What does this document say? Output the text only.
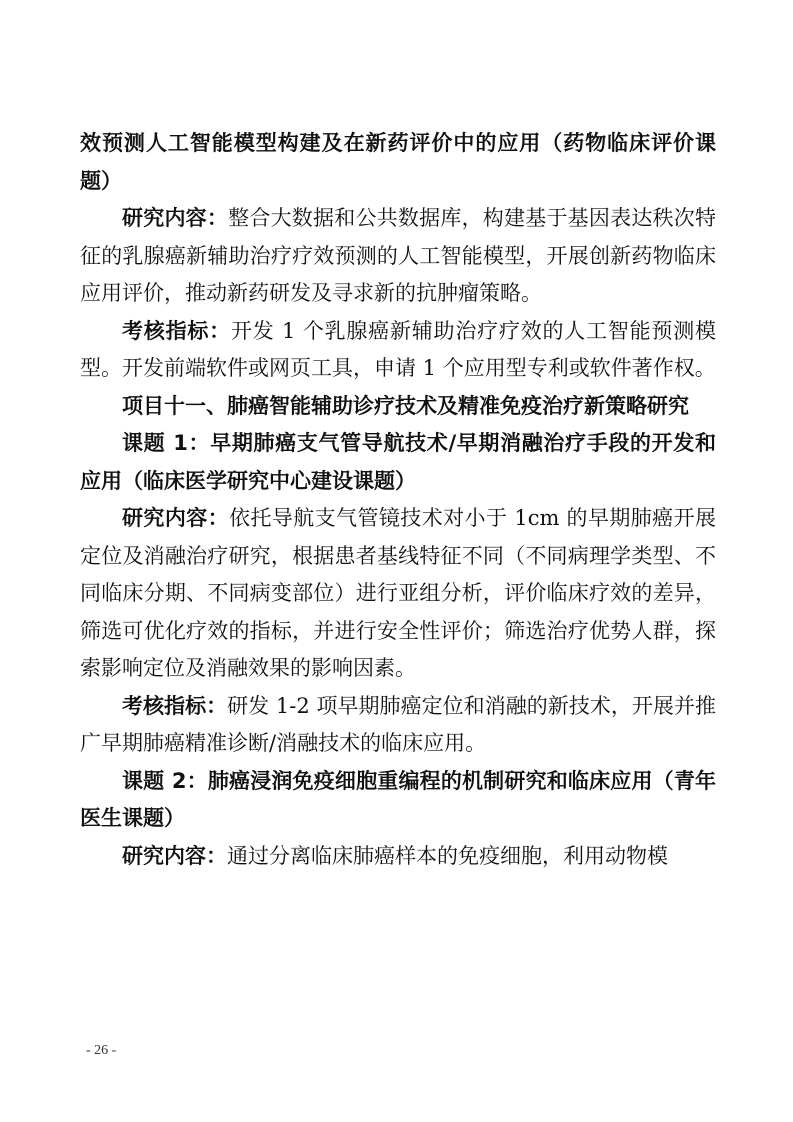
效预测人工智能模型构建及在新药评价中的应用（药物临床评价课题）

研究内容：整合大数据和公共数据库，构建基于基因表达秩次特征的乳腺癌新辅助治疗疗效预测的人工智能模型，开展创新药物临床应用评价，推动新药研发及寻求新的抗肿瘤策略。

考核指标：开发 1 个乳腺癌新辅助治疗疗效的人工智能预测模型。开发前端软件或网页工具，申请 1 个应用型专利或软件著作权。

项目十一、肺癌智能辅助诊疗技术及精准免疫治疗新策略研究

课题 1：早期肺癌支气管导航技术/早期消融治疗手段的开发和应用（临床医学研究中心建设课题）

研究内容：依托导航支气管镜技术对小于 1cm 的早期肺癌开展定位及消融治疗研究，根据患者基线特征不同（不同病理学类型、不同临床分期、不同病变部位）进行亚组分析，评价临床疗效的差异，筛选可优化疗效的指标，并进行安全性评价；筛选治疗优势人群，探索影响定位及消融效果的影响因素。

考核指标：研发 1-2 项早期肺癌定位和消融的新技术，开展并推广早期肺癌精准诊断/消融技术的临床应用。

课题 2：肺癌浸润免疫细胞重编程的机制研究和临床应用（青年医生课题）

研究内容：通过分离临床肺癌样本的免疫细胞，利用动物模

- 26 -
